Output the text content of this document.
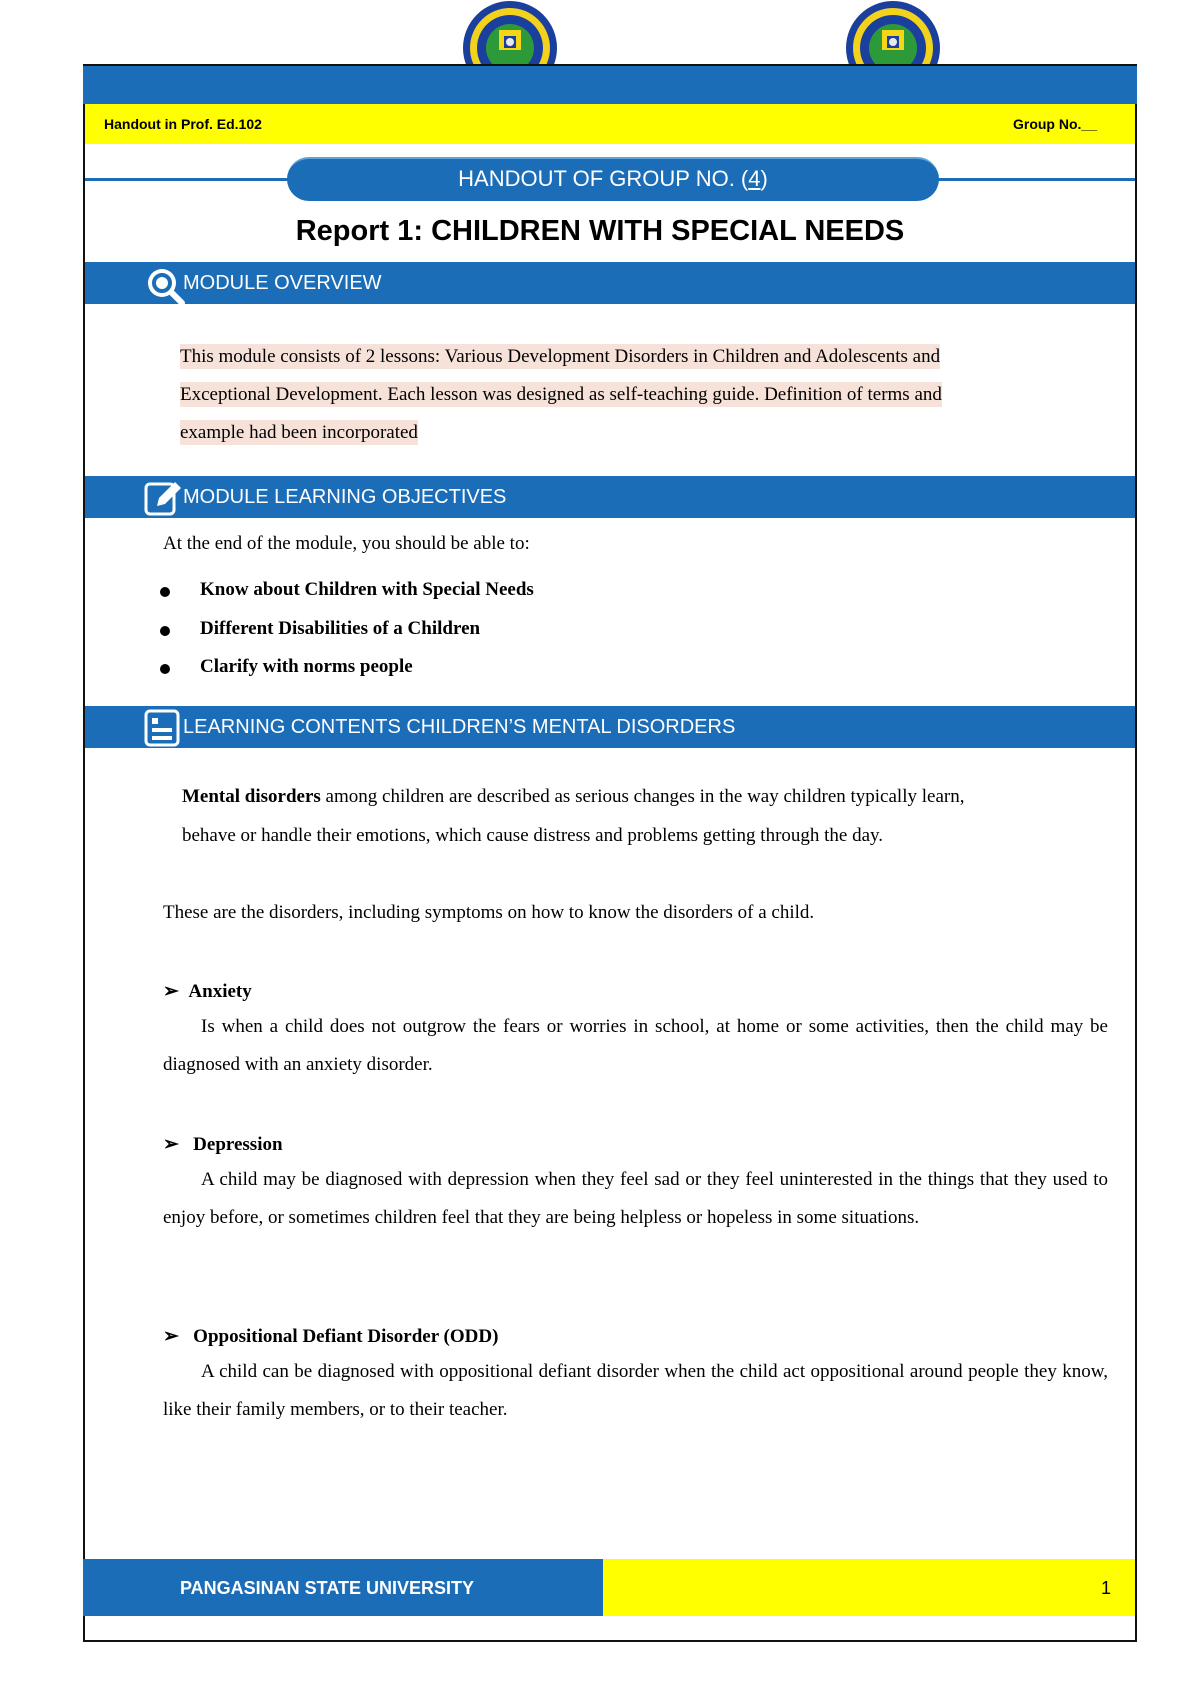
Handout in Prof. Ed.102	Group No.__
HANDOUT OF GROUP NO. (4)
Report 1: CHILDREN WITH SPECIAL NEEDS
MODULE OVERVIEW
This module consists of 2 lessons: Various Development Disorders in Children and Adolescents and
Exceptional Development. Each lesson was designed as self-teaching guide. Definition of terms and
example had been incorporated
MODULE LEARNING OBJECTIVES
At the end of the module, you should be able to:
Know about Children with Special Needs
Different Disabilities of a Children
Clarify with norms people
LEARNING CONTENTS CHILDREN’S MENTAL DISORDERS
Mental disorders among children are described as serious changes in the way children typically learn,
behave or handle their emotions, which cause distress and problems getting through the day.
These are the disorders, including symptoms on how to know the disorders of a child.
➢ Anxiety
Is when a child does not outgrow the fears or worries in school, at home or some activities, then the child may be diagnosed with an anxiety disorder.
➢ Depression
A child may be diagnosed with depression when they feel sad or they feel uninterested in the things that they used to enjoy before, or sometimes children feel that they are being helpless or hopeless in some situations.
➢ Oppositional Defiant Disorder (ODD)
A child can be diagnosed with oppositional defiant disorder when the child act oppositional around people they know, like their family members, or to their teacher.
PANGASINAN STATE UNIVERSITY	1
